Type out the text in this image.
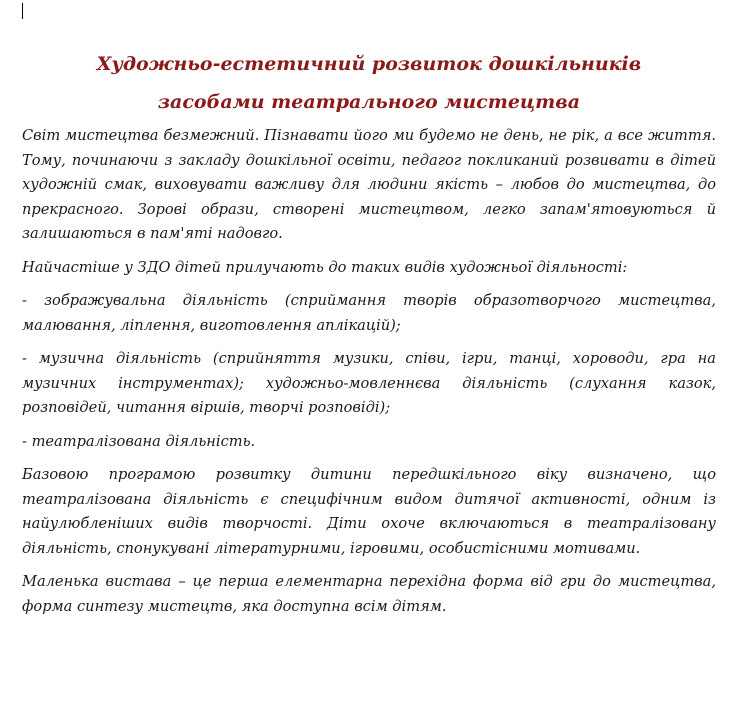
Художньо-естетичний розвиток дошкільників
засобами театрального мистецтва

Світ мистецтва безмежний. Пізнавати його ми будемо не день, не рік, а все життя. Тому, починаючи з закладу дошкільної освіти, педагог покликаний розвивати в дітей художній смак, виховувати важливу для людини якість – любов до мистецтва, до прекрасного. Зорові образи, створені мистецтвом, легко запам'ятовуються й залишаються в пам'яті надовго.

Найчастіше у ЗДО дітей прилучають до таких видів художньої діяльності:

- зображувальна діяльність (сприймання творів образотворчого мистецтва, малювання, ліплення, виготовлення аплікацій);

- музична діяльність (сприйняття музики, співи, ігри, танці, хороводи, гра на музичних інструментах); художньо-мовленнєва діяльність (слухання казок, розповідей, читання віршів, творчі розповіді);

- театралізована діяльність.

Базовою програмою розвитку дитини передшкільного віку визначено, що театралізована діяльність є специфічним видом дитячої активності, одним із найулюбленіших видів творчості. Діти охоче включаються в театралізовану діяльність, спонукувані літературними, ігровими, особистісними мотивами.

Маленька вистава – це перша елементарна перехідна форма від гри до мистецтва, форма синтезу мистецтв, яка доступна всім дітям.
